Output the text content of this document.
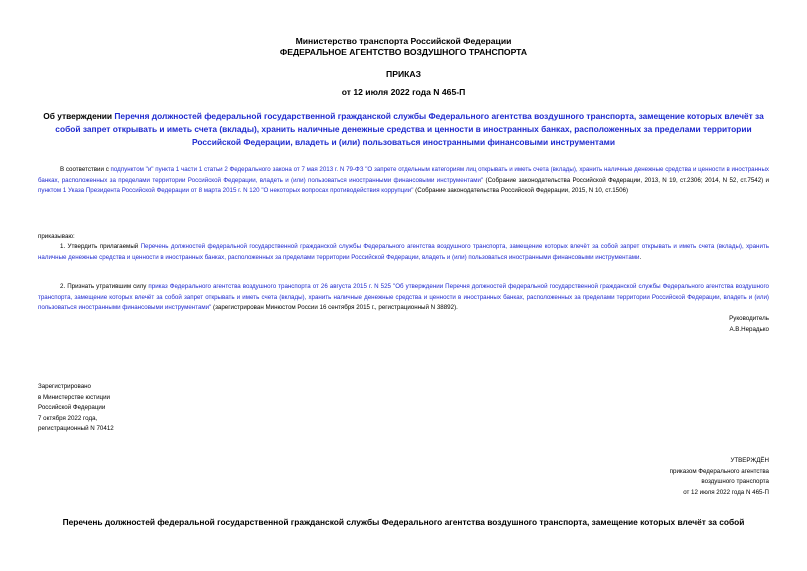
Министерство транспорта Российской Федерации
ФЕДЕРАЛЬНОЕ АГЕНТСТВО ВОЗДУШНОГО ТРАНСПОРТА
ПРИКАЗ
от 12 июля 2022 года N 465-П
Об утверждении Перечня должностей федеральной государственной гражданской службы Федерального агентства воздушного транспорта, замещение которых влечёт за собой запрет открывать и иметь счета (вклады), хранить наличные денежные средства и ценности в иностранных банках, расположенных за пределами территории Российской Федерации, владеть и (или) пользоваться иностранными финансовыми инструментами
В соответствии с подпунктом "и" пункта 1 части 1 статьи 2 Федерального закона от 7 мая 2013 г. N 79-ФЗ "О запрете отдельным категориям лиц открывать и иметь счета (вклады), хранить наличные денежные средства и ценности в иностранных банках, расположенных за пределами территории Российской Федерации, владеть и (или) пользоваться иностранными финансовыми инструментами" (Собрание законодательства Российской Федерации, 2013, N 19, ст.2306; 2014, N 52, ст.7542) и пунктом 1 Указа Президента Российской Федерации от 8 марта 2015 г. N 120 "О некоторых вопросах противодействия коррупции" (Собрание законодательства Российской Федерации, 2015, N 10, ст.1506)
приказываю:
1. Утвердить прилагаемый Перечень должностей федеральной государственной гражданской службы Федерального агентства воздушного транспорта, замещение которых влечёт за собой запрет открывать и иметь счета (вклады), хранить наличные денежные средства и ценности в иностранных банках, расположенных за пределами территории Российской Федерации, владеть и (или) пользоваться иностранными финансовыми инструментами.
2. Признать утратившим силу приказ Федерального агентства воздушного транспорта от 26 августа 2015 г. N 525 "Об утверждении Перечня должностей федеральной государственной гражданской службы Федерального агентства воздушного транспорта, замещение которых влечёт за собой запрет открывать и иметь счета (вклады), хранить наличные денежные средства и ценности в иностранных банках, расположенных за пределами территории Российской Федерации, владеть и (или) пользоваться иностранными финансовыми инструментами" (зарегистрирован Минюстом России 16 сентября 2015 г., регистрационный N 38892).
Руководитель
А.В.Нерадько
Зарегистрировано
в Министерстве юстиции
Российской Федерации
7 октября 2022 года,
регистрационный N 70412
УТВЕРЖДЁН
приказом Федерального агентства
воздушного транспорта
от 12 июля 2022 года N 465-П
Перечень должностей федеральной государственной гражданской службы Федерального агентства воздушного транспорта, замещение которых влечёт за собой
